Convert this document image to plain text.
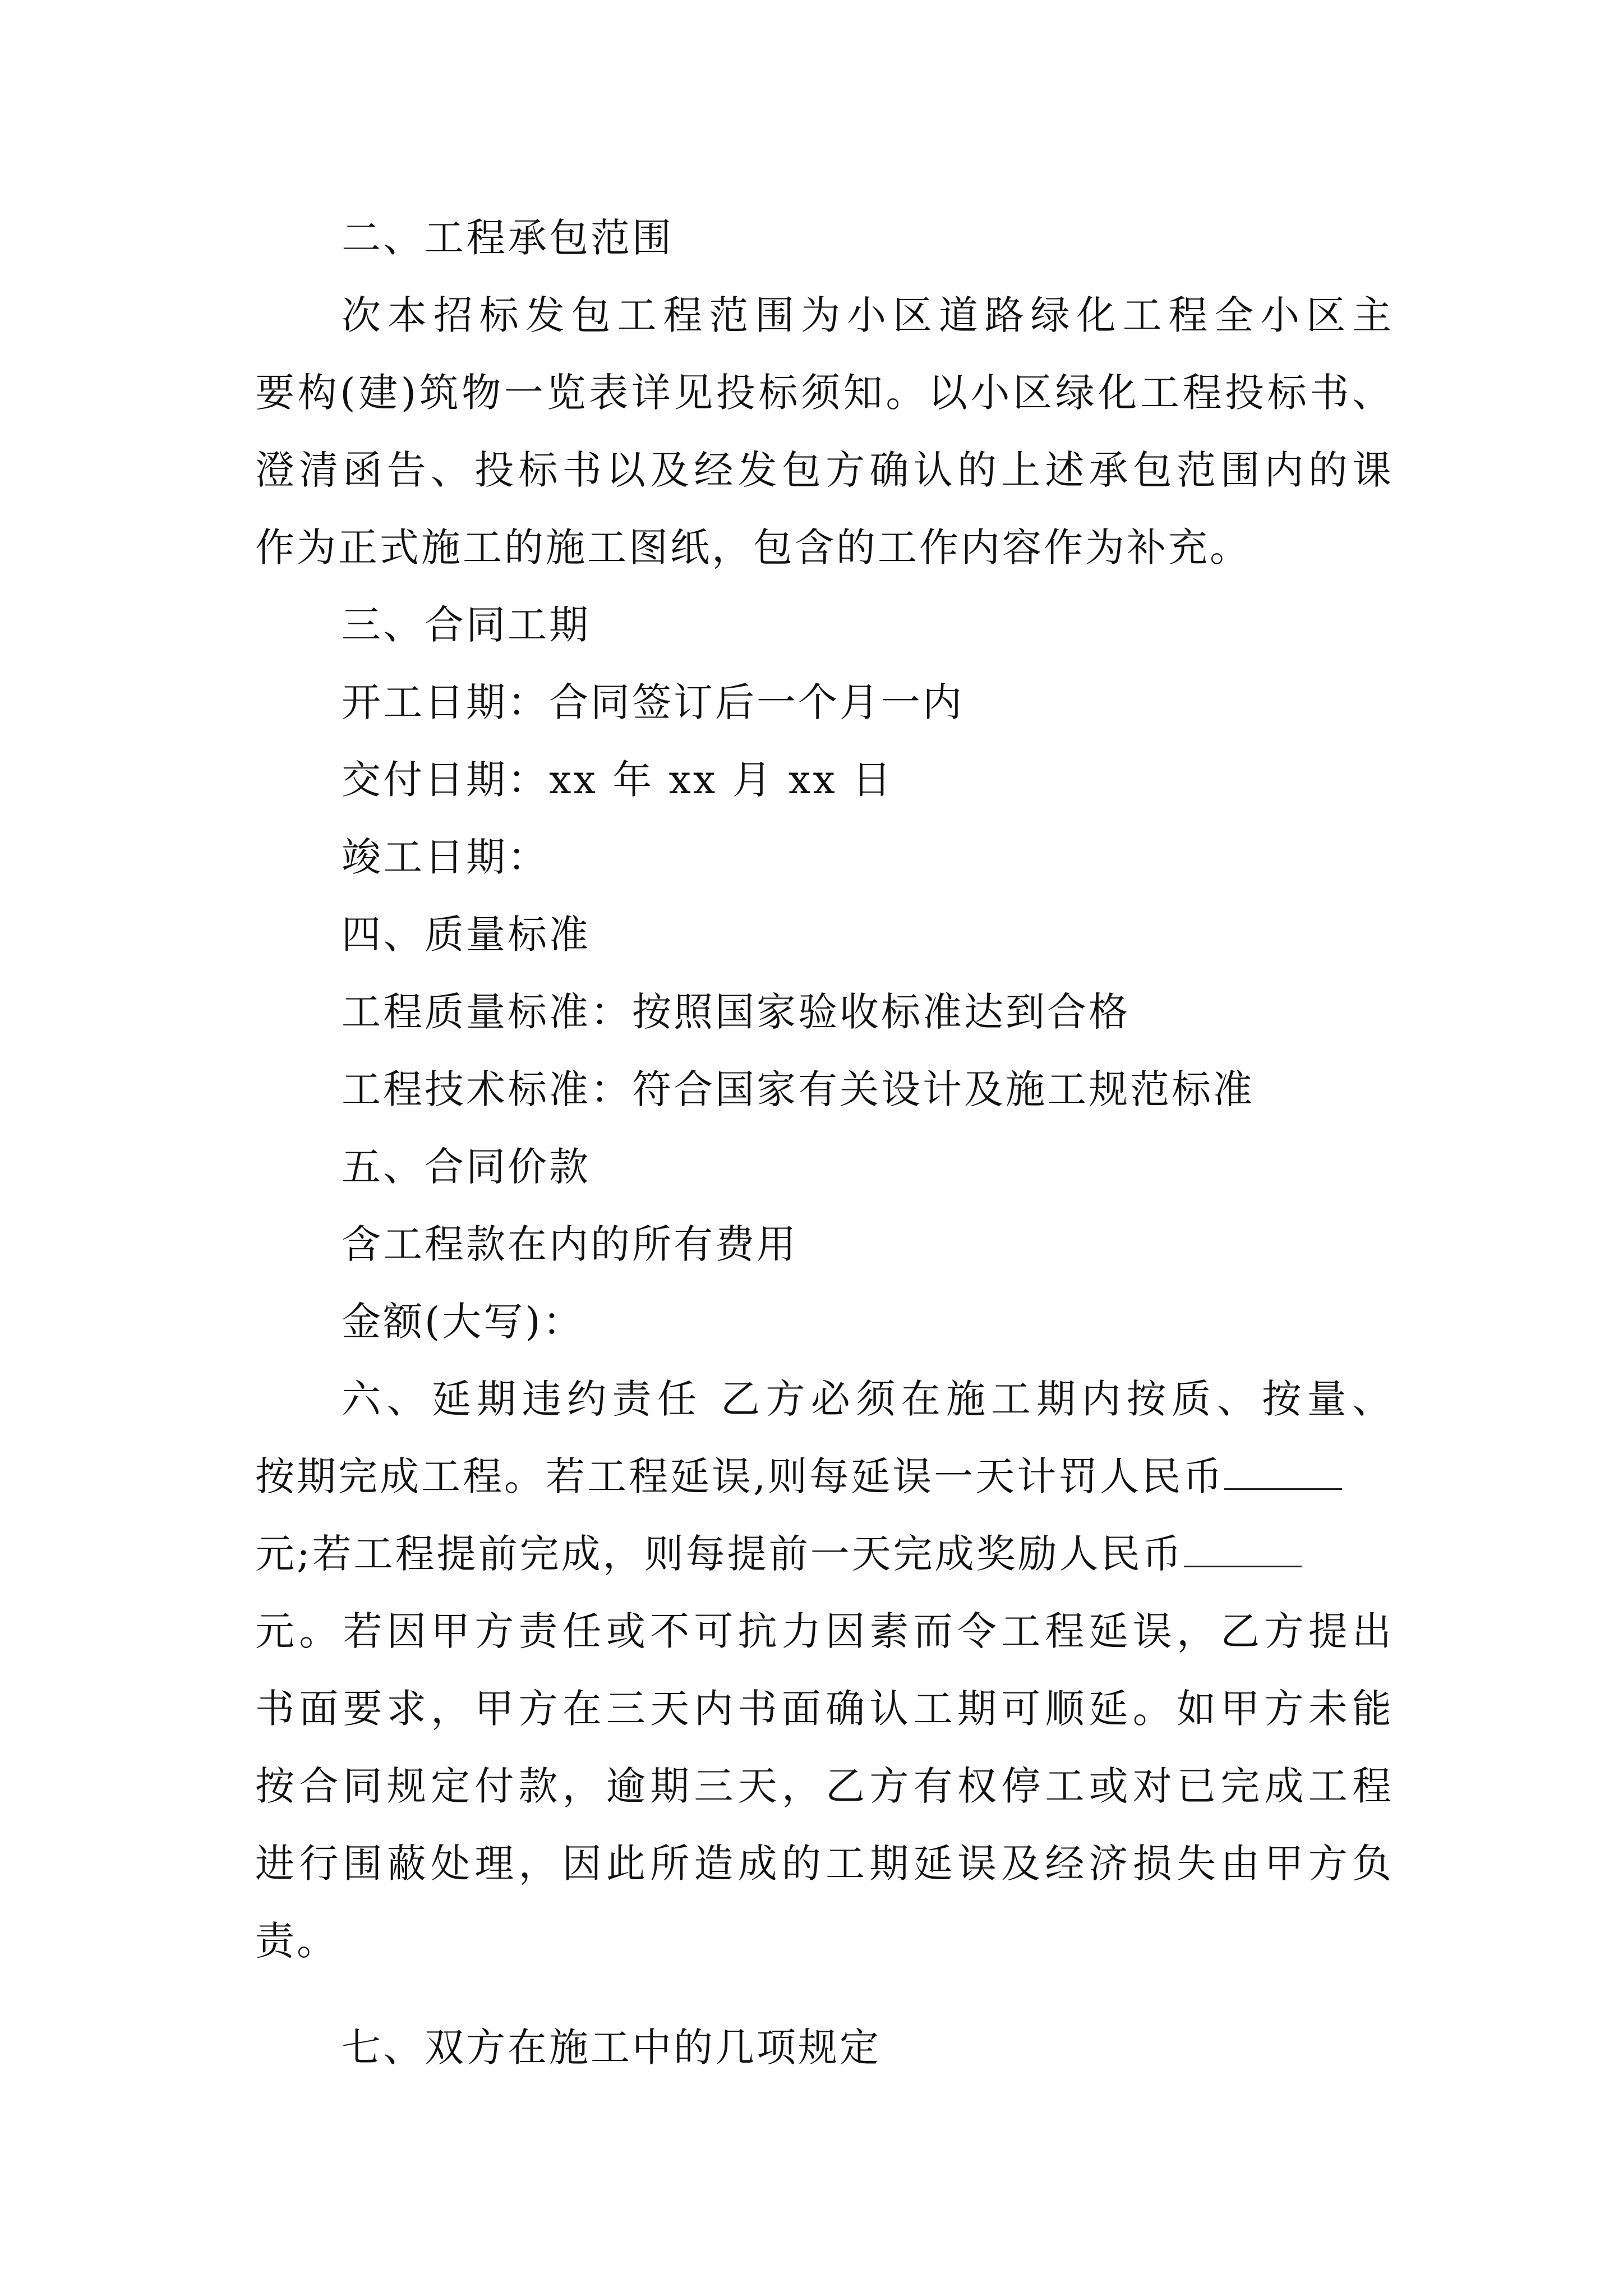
二、工程承包范围
次本招标发包工程范围为小区道路绿化工程全小区主
要构(建)筑物一览表详见投标须知。以小区绿化工程投标书、
澄清函告、投标书以及经发包方确认的上述承包范围内的课
作为正式施工的施工图纸，包含的工作内容作为补充。
三、合同工期
开工日期：合同签订后一个月一内
交付日期：xx 年 xx 月 xx 日
竣工日期：
四、质量标准
工程质量标准：按照国家验收标准达到合格
工程技术标准：符合国家有关设计及施工规范标准
五、合同价款
含工程款在内的所有费用
金额(大写)：
六、延期违约责任 乙方必须在施工期内按质、按量、
按期完成工程。若工程延误,则每延误一天计罚人民币
元;若工程提前完成，则每提前一天完成奖励人民币
元。若因甲方责任或不可抗力因素而令工程延误，乙方提出
书面要求，甲方在三天内书面确认工期可顺延。如甲方未能
按合同规定付款，逾期三天，乙方有权停工或对已完成工程
进行围蔽处理，因此所造成的工期延误及经济损失由甲方负
责。
七、双方在施工中的几项规定
